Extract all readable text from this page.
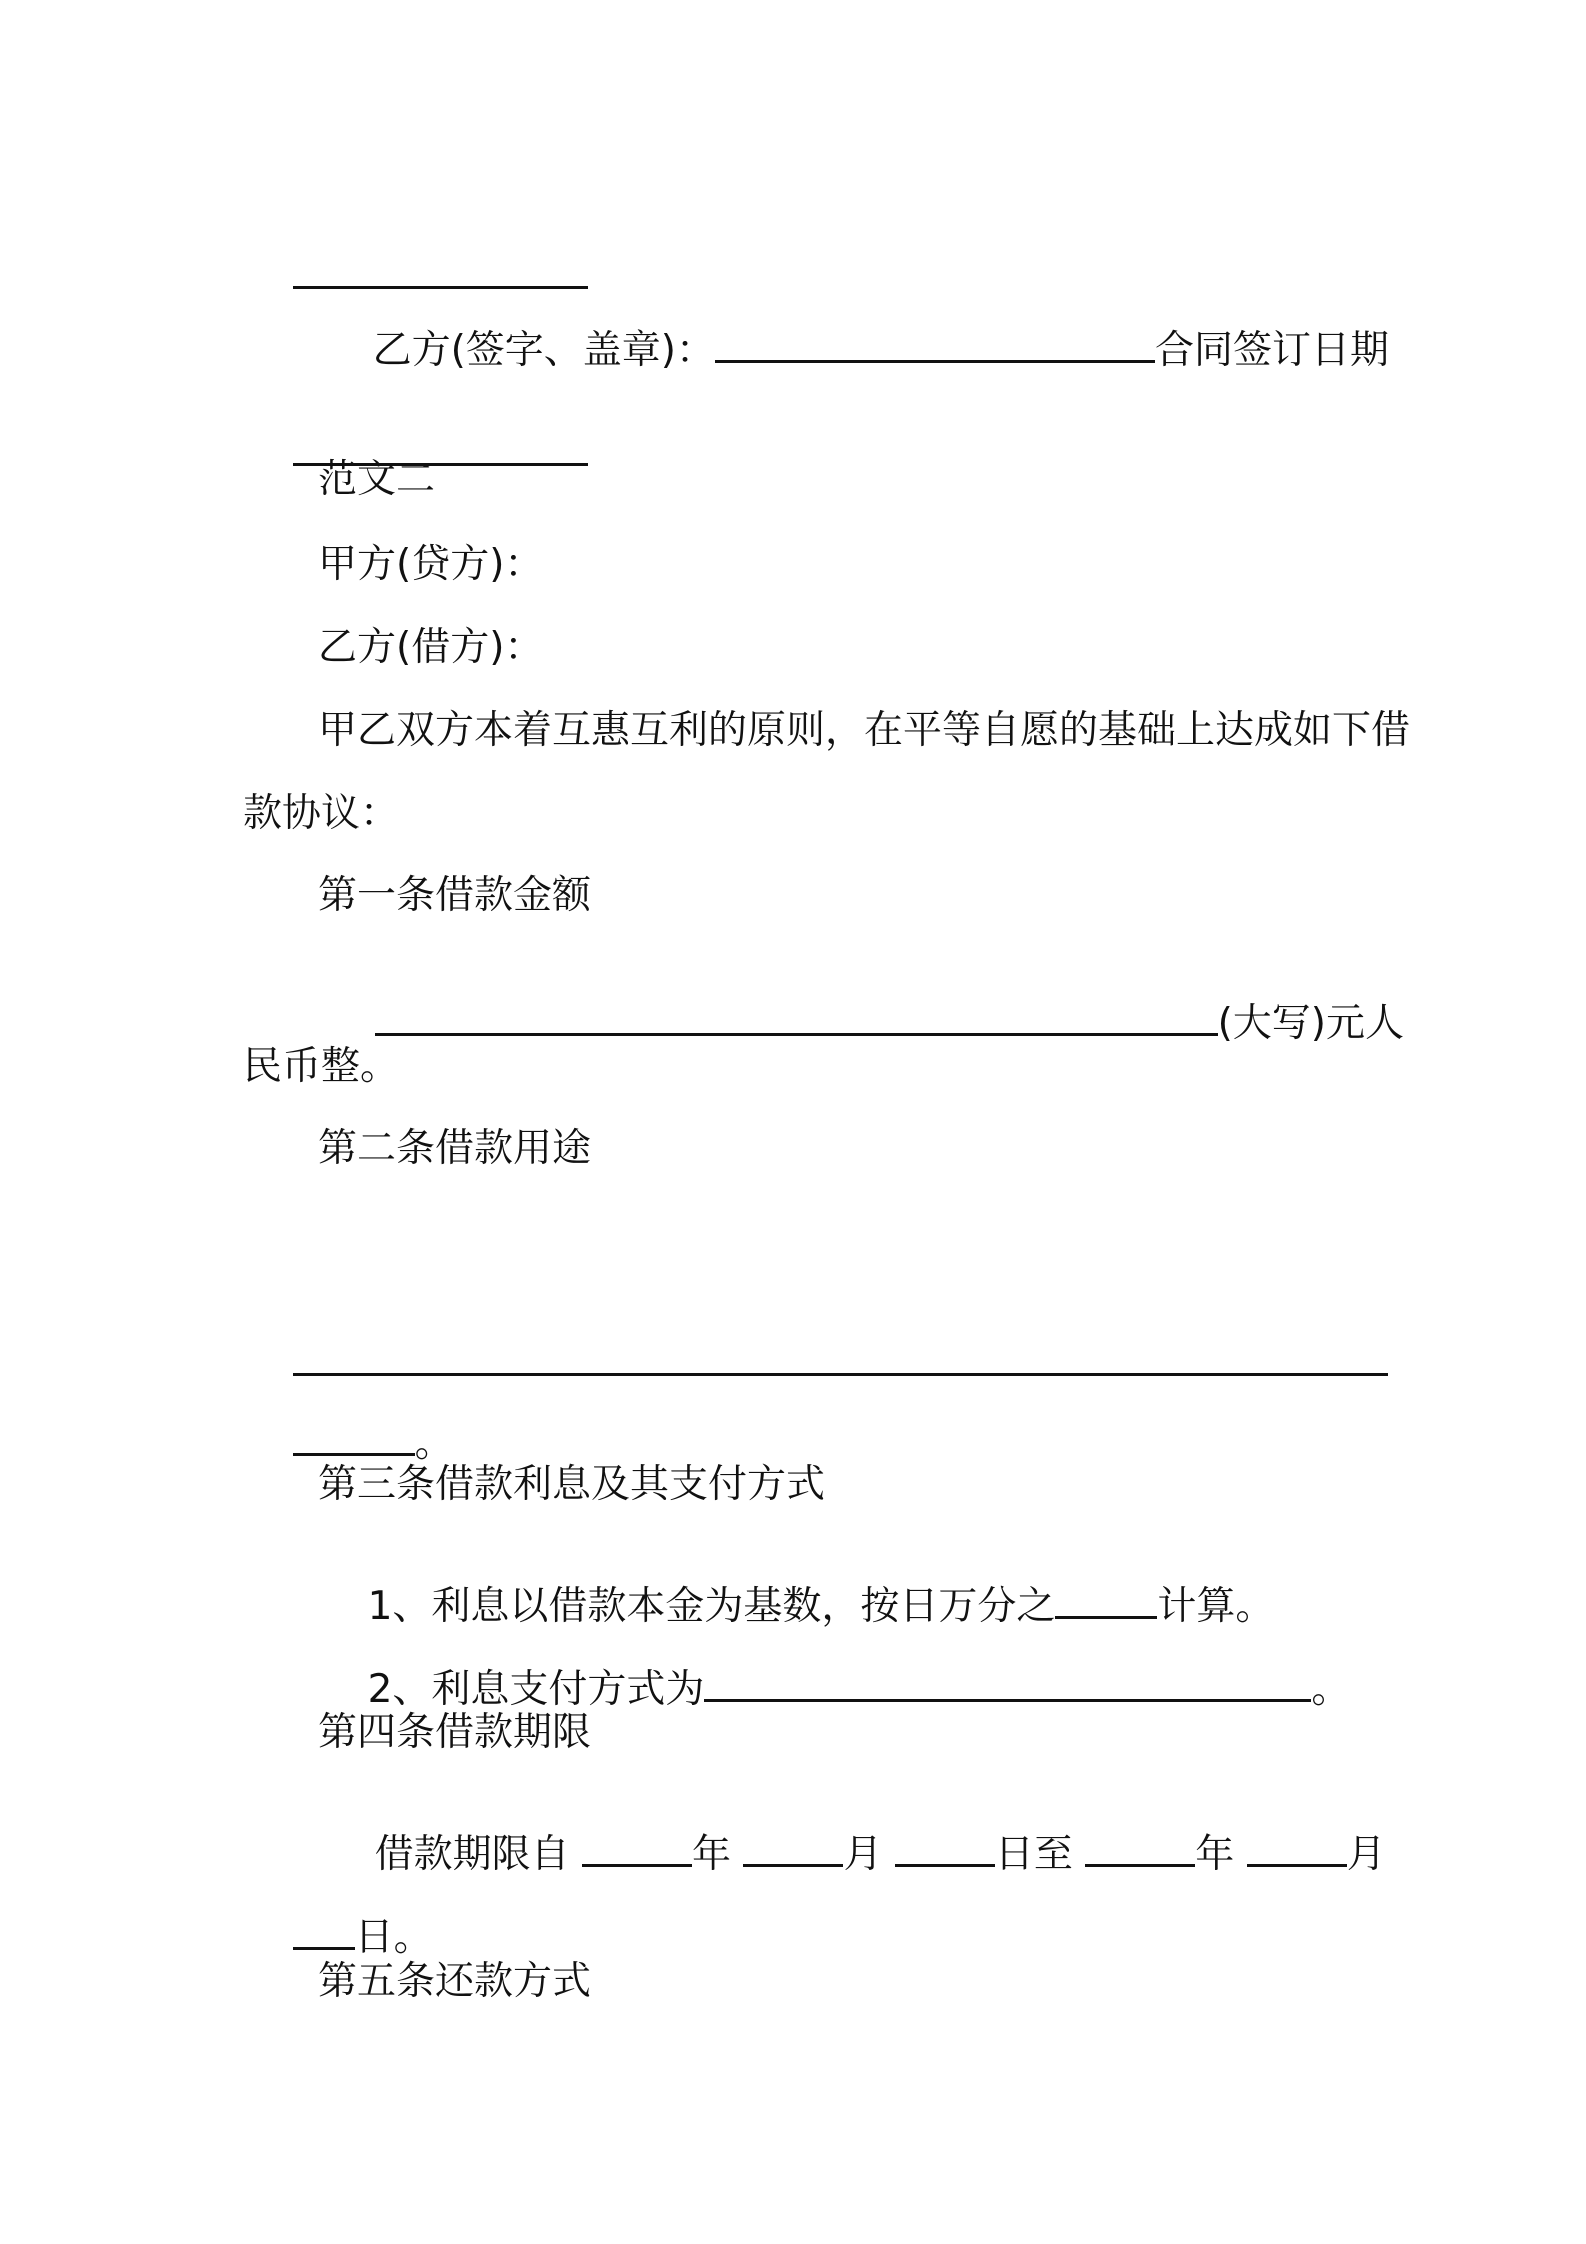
乙方(签字、盖章)：	合同签订日期

范文二
甲方(贷方)：
乙方(借方)：
甲乙双方本着互惠互利的原则，在平等自愿的基础上达成如下借
款协议：
第一条借款金额

(大写)元人

民币整。
第二条借款用途

。

第三条借款利息及其支付方式

1、利息以借款本金为基数，按日万分之	计算。

2、利息支付方式为	。

第四条借款期限

借款期限自	年	月	日至	年	月

日。

第五条还款方式
